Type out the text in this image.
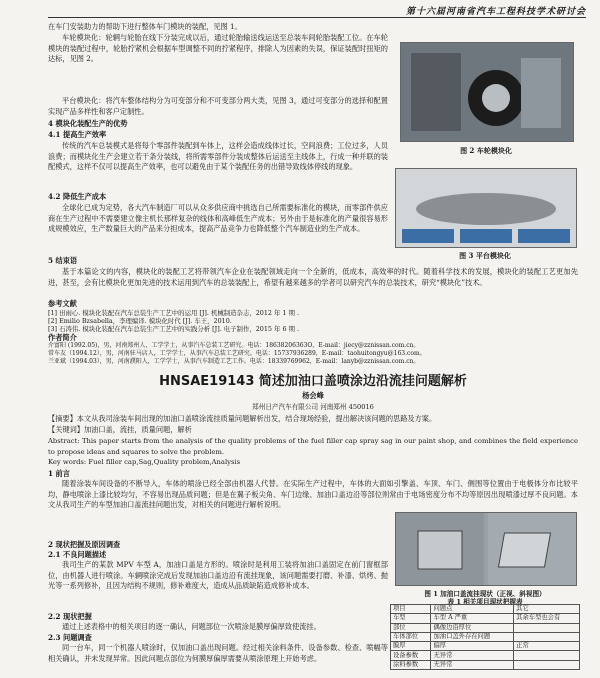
第十六届河南省汽车工程科技学术研讨会

在车门安装助力的帮助下进行整体车门模块的装配，见图 1。

车轮模块化：轮辋与轮胎在线下分装完成以后，通过轮胎输送线运送至总装车间轮胎装配工位。在车轮模块的装配过程中，轮胎拧紧机会根据车型调整不同的拧紧程序，排除人为因素的失误，保证装配时扭矩的达标，见图 2。

平台模块化：将汽车整体结构分为可变部分和不可变部分两大类，见图 3，通过可变部分的选择和配置实现产品多样性和客户定制性。

4 模块化装配生产的优势

4.1 提高生产效率

传统的汽车总装模式是将每个零部件装配到车体上，这样会造成线体过长，空间浪费；工位过多，人员浪费；而模块化生产会建立若干条分装线，将所需零部件分装成整体后运送至主线体上，行成一种并联的装配模式，这样不仅可以提高生产效率，也可以避免由于某个装配任务的出错导致线体停线的现象。

4.2 降低生产成本

全球化已成为定势，各大汽车制造厂可以从众多供应商中挑选自己所需要标准化的模块，而零部件供应商在生产过程中不需要建立像主机长那样复杂的线体和高峰低生产成本；另外由于是标准化的产量很容易形成规模效应，生产数量巨大的产品来分担成本，提高产品竞争力也降低整个汽车制造业的生产成本。

5 结束语

图 2 车轮模块化
图 3 平台模块化

基于本篇论文的内容，模块化的装配工艺将带领汽车企业在装配领域走向一个全新的，低成本，高效率的时代。随着科学技术的发展，模块化的装配工艺更加先进，甚至，会有比模块化更加先进的技术运用到汽车的总装装配上，希望有越来越多的学者可以研究汽车的总装技术，研究“模块化”技术。

参考文献

[1] 田雨心. 模块化装配在汽车总装生产工艺中的运用 [J]. 机械制造杂志，2012 年 1 期 .

[2] Emilio Bzsabella，李理编译. 模块化时代 [J]. 车王，2010.

[3] 石涛伟. 模块化装配在汽车总装生产工艺中的实践分析 [J]. 电子制作，2015 年 6 期 .

作者简介

介富阳 (1992.05)，男，河南郑州人，工学学士，从事汽车总装工艺研究。电话：18638206363O，E-mail：jiecy@zznissan.com.cn。

常车友（1994.12），男，河南驻马店人，工学学士，从事汽车总装工艺研究。电话：15737936289，E-mail：taohuitongyu@163.com。

兰亚斌（1994.03），男，河南濮阳人，工学学士，从事汽车制造工艺工作。电话：18339769962，E-mail：lanyb@zznissan.com.cn。

HNSAE19143 简述加油口盖喷涂边沿流挂问题解析
杨会峰
郑州日产汽车有限公司 河南郑州 450016

【摘要】本文从我司涂装车间出现的加油口盖喷涂流挂质量问题解析出发，结合现场经验，提出解决该问题的思路及方案。

【关键词】加油口盖，流挂，质量问题，解析

Abstract: This paper starts from the analysis of the quality problems of the fuel filler cap spray sag in our paint shop, and combines the field experience to propose ideas and squares to solve the problem.

Key words: Fuel filler cap,Sag,Quality problem,Analysis

1 前言

随着涂装车间设备的不断导入，车体的喷涂已经全部由机器人代替。在实际生产过程中，车体的大面如引擎盖、车顶、车门、侧围等位置由于电极体分布比较平均，静电喷涂上漆比较均匀，不容易出现品质问题；但是在翼子板尖角、车门边缘、加油口盖边沿等部位则常由于电场密度分布不均等原因出现喷漆过厚不良问题。本文从我司生产的车型加油口盖流挂问题出发，对相关的问题进行解析说明。

2 现状把握及原因调查

2.1 不良问题描述

我司生产的某款 MPV 车型 A，加油口盖是方形的。喷涂时是利用工装将加油口盖固定在前门窗框部位，由机器人进行喷涂。车辆喷涂完成后发现加油口盖边沿有流挂现象，该问题需要打磨、补漆、烘烤、抛光等一系列修补，且因为结构不规则，修补难度大，造成从品质缺陷造成修补成本。

2.2 现状把握

通过上述表格中的相关项目的逐一确认，问题部位一次喷涂是膜厚偏厚致使流挂。

2.3 问题调查

同一台车，同一个机器人喷涂时，仅加油口盖出现问题。经过相关涂料条件、设备参数、检查、喷幅等相关确认，并未发现异常。因此问题点部位为何膜厚偏厚需要从喷涂原理上开始考虑。

图 1 加油口盖流挂现状（正视、斜视图）
表 1 相关项目现状把握表
项目	问题点	其它
车型	车型 A 严重	其余车型也会有
部位	偶像边沿厚位	
车体部位	加油口盖外存在问题	
膜厚	偏厚	正常
设备参数	无异常	
涂料参数	无异常	
